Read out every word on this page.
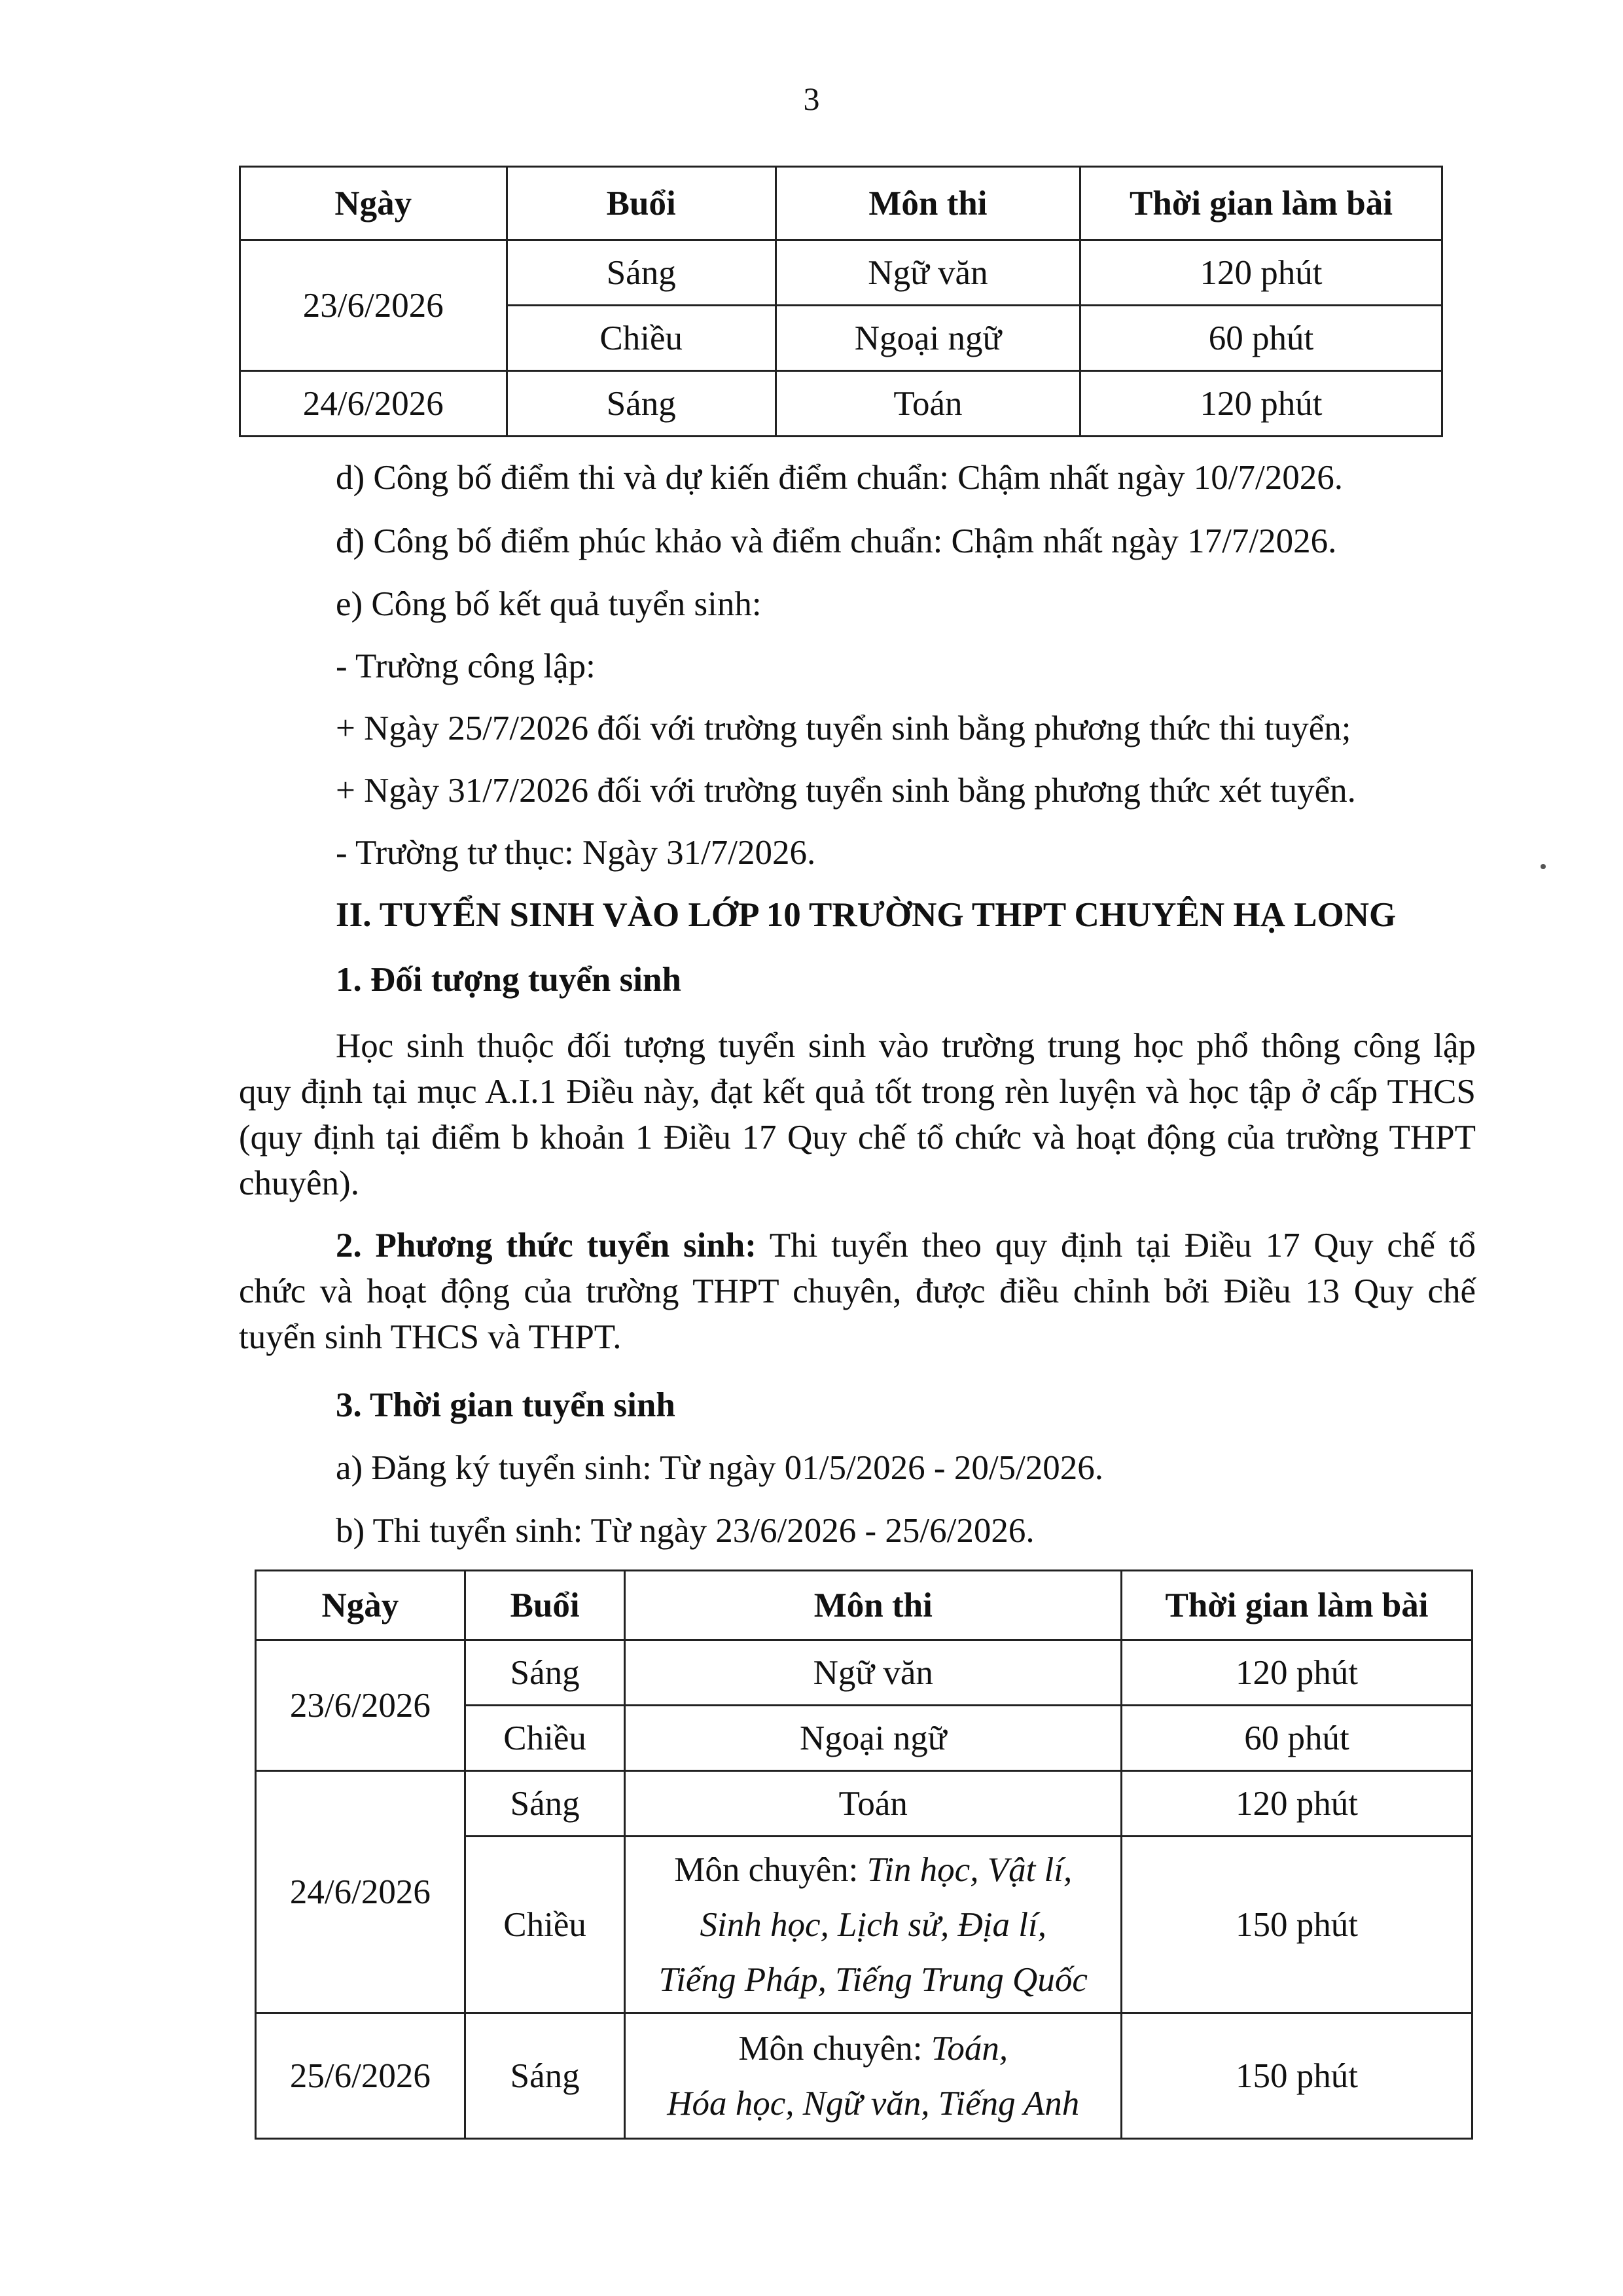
3
Ngày	Buổi	Môn thi	Thời gian làm bài
23/6/2026	Sáng	Ngữ văn	120 phút
	Chiều	Ngoại ngữ	60 phút
24/6/2026	Sáng	Toán	120 phút
d) Công bố điểm thi và dự kiến điểm chuẩn: Chậm nhất ngày 10/7/2026.
đ) Công bố điểm phúc khảo và điểm chuẩn: Chậm nhất ngày 17/7/2026.
e) Công bố kết quả tuyển sinh:
- Trường công lập:
+ Ngày 25/7/2026 đối với trường tuyển sinh bằng phương thức thi tuyển;
+ Ngày 31/7/2026 đối với trường tuyển sinh bằng phương thức xét tuyển.
- Trường tư thục: Ngày 31/7/2026.
II. TUYỂN SINH VÀO LỚP 10 TRƯỜNG THPT CHUYÊN HẠ LONG
1. Đối tượng tuyển sinh
Học sinh thuộc đối tượng tuyển sinh vào trường trung học phổ thông công lập quy định tại mục A.I.1 Điều này, đạt kết quả tốt trong rèn luyện và học tập ở cấp THCS (quy định tại điểm b khoản 1 Điều 17 Quy chế tổ chức và hoạt động của trường THPT chuyên).
2. Phương thức tuyển sinh: Thi tuyển theo quy định tại Điều 17 Quy chế tổ chức và hoạt động của trường THPT chuyên, được điều chỉnh bởi Điều 13 Quy chế tuyển sinh THCS và THPT.
3. Thời gian tuyển sinh
a) Đăng ký tuyển sinh: Từ ngày 01/5/2026 - 20/5/2026.
b) Thi tuyển sinh: Từ ngày 23/6/2026 - 25/6/2026.
Ngày	Buổi	Môn thi	Thời gian làm bài
23/6/2026	Sáng	Ngữ văn	120 phút
	Chiều	Ngoại ngữ	60 phút
24/6/2026	Sáng	Toán	120 phút
	Chiều	Môn chuyên: Tin học, Vật lí,
Sinh học, Lịch sử, Địa lí,
Tiếng Pháp, Tiếng Trung Quốc	150 phút
25/6/2026	Sáng	Môn chuyên: Toán,
Hóa học, Ngữ văn, Tiếng Anh	150 phút
